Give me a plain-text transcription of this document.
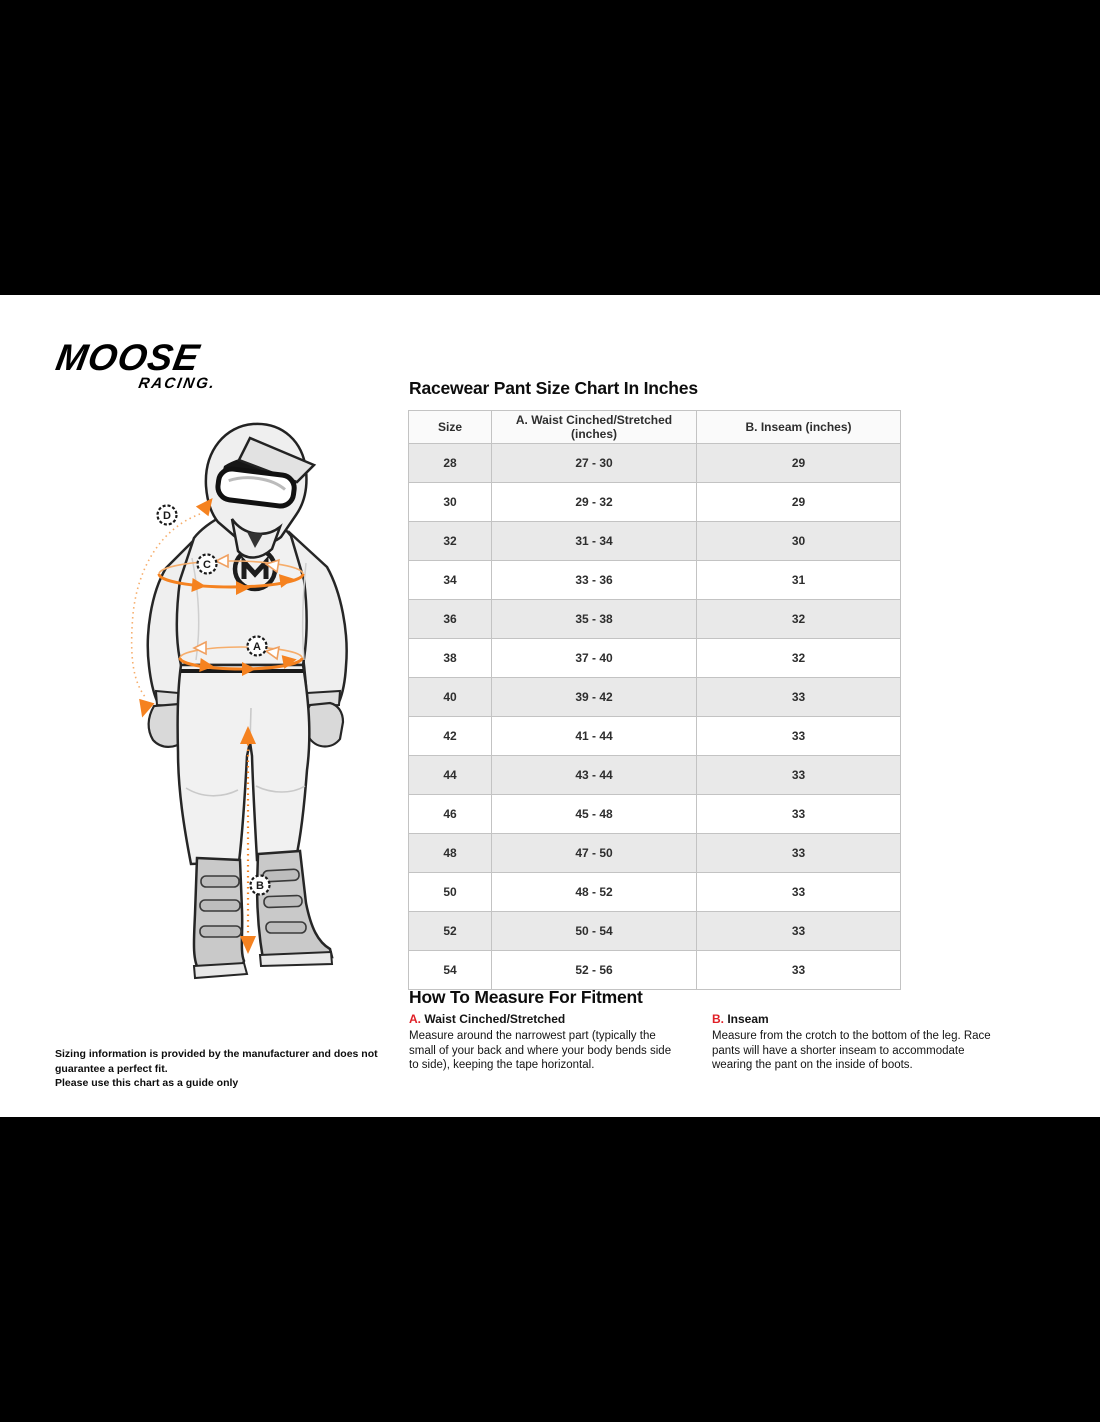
MOOSE
RACING.
A
B
C
D
Racewear Pant Size Chart In Inches
Size	A. Waist Cinched/Stretched (inches)	B. Inseam (inches)
28	27 - 30	29
30	29 - 32	29
32	31 - 34	30
34	33 - 36	31
36	35 - 38	32
38	37 - 40	32
40	39 - 42	33
42	41 - 44	33
44	43 - 44	33
46	45 - 48	33
48	47 - 50	33
50	48 - 52	33
52	50 - 54	33
54	52 - 56	33
How To Measure For Fitment
A. Waist Cinched/Stretched

Measure around the narrowest part (typically the small of your back and where your body bends side to side), keeping the tape horizontal.

B. Inseam

Measure from the crotch to the bottom of the leg. Race pants will have a shorter inseam to accommodate wearing the pant on the inside of boots.

Sizing information is provided by the manufacturer and does not guarantee a perfect fit.
Please use this chart as a guide only
